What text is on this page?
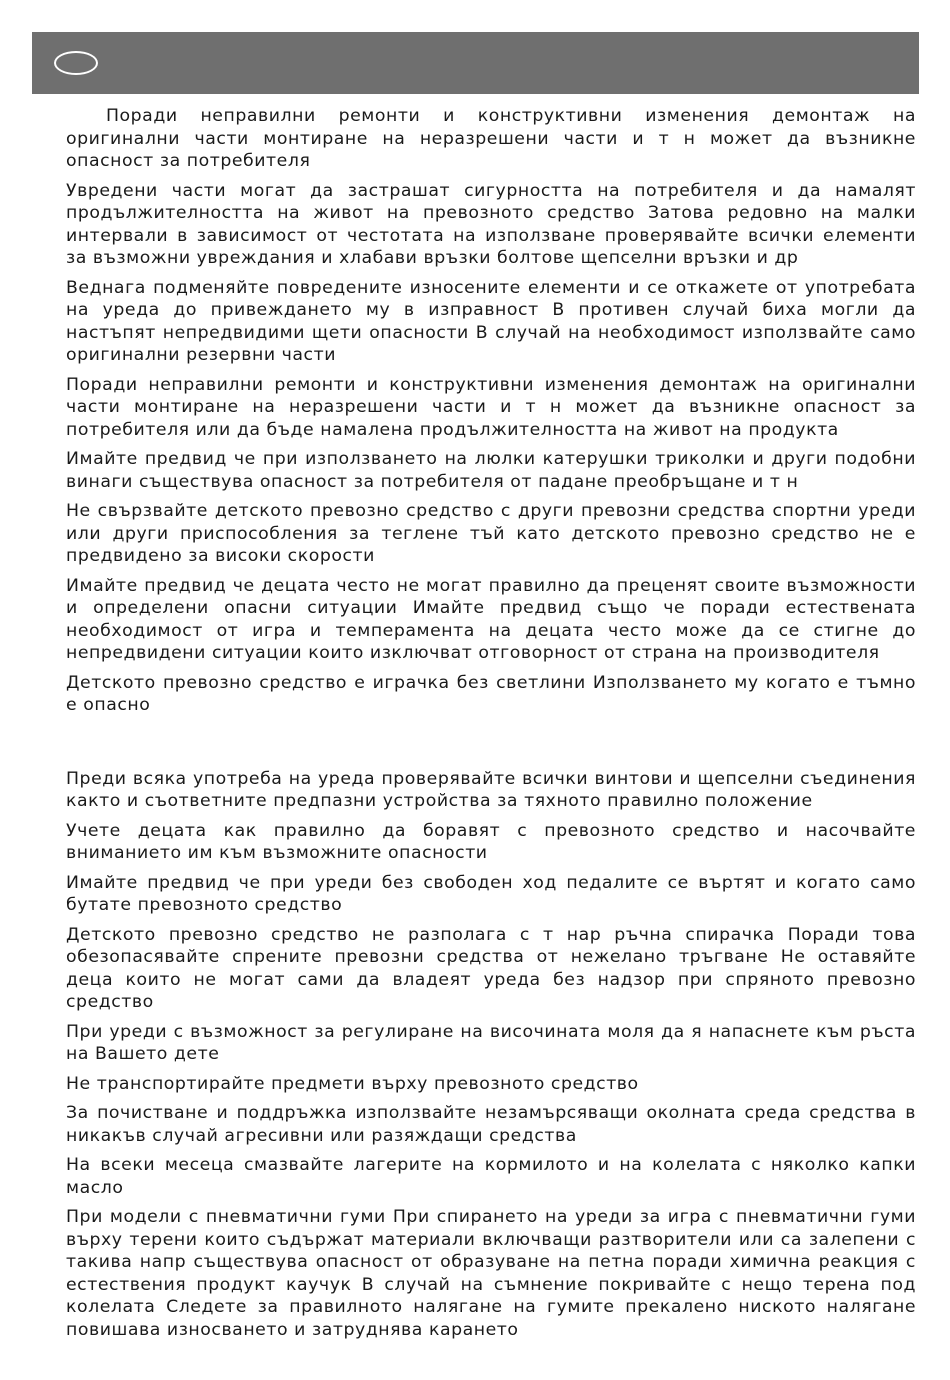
Поради неправилни ремонти и конструктивни изменения демонтаж на оригинални части монтиране на неразрешени части и т н может да възникне опасност за потребителя

Увредени части могат да застрашат сигурността на потребителя и да намалят продължителността на живот на превозното средство Затова редовно на малки интервали в зависимост от честотата на използване проверявайте всички елементи за възможни увреждания и хлабави връзки болтове щепселни връзки и др

Веднага подменяйте повредените износените елементи и се откажете от употребата на уреда до привеждането му в изправност В противен случай биха могли да настъпят непредвидими щети опасности В случай на необходимост използвайте само оригинални резервни части

Поради неправилни ремонти и конструктивни изменения демонтаж на оригинални части монтиране на неразрешени части и т н может да възникне опасност за потребителя или да бъде намалена продължителността на живот на продукта

Имайте предвид че при използването на люлки катерушки триколки и други подобни винаги съществува опасност за потребителя от падане преобръщане и т н

Не свързвайте детското превозно средство с други превозни средства спортни уреди или други приспособления за теглене тъй като детското превозно средство не е предвидено за високи скорости

Имайте предвид че децата често не могат правилно да преценят своите възможности и определени опасни ситуации Имайте предвид също че поради естествената необходимост от игра и темперамента на децата често може да се стигне до непредвидени ситуации които изключват отговорност от страна на производителя

Детското превозно средство е играчка без светлини Използването му когато е тъмно е опасно

Преди всяка употреба на уреда проверявайте всички винтови и щепселни съединения както и съответните предпазни устройства за тяхното правилно положение

Учете децата как правилно да боравят с превозното средство и насочвайте вниманието им към възможните опасности

Имайте предвид че при уреди без свободен ход педалите се въртят и когато само бутате превозното средство

Детското превозно средство не разполага с т нар ръчна спирачка Поради това обезопасявайте спрените превозни средства от нежелано тръгване Не оставяйте деца които не могат сами да владеят уреда без надзор при спряното превозно средство

При уреди с възможност за регулиране на височината моля да я напаснете към ръста на Вашето дете

Не транспортирайте предмети върху превозното средство

За почистване и поддръжка използвайте незамърсяващи околната среда средства в никакъв случай агресивни или разяждащи средства

На всеки месеца смазвайте лагерите на кормилото и на колелата с няколко капки масло

При модели с пневматични гуми При спирането на уреди за игра с пневматични гуми върху терени които съдържат материали включващи разтворители или са залепени с такива напр съществува опасност от образуване на петна поради химична реакция с естествения продукт каучук В случай на съмнение покривайте с нещо терена под колелата Следете за правилното налягане на гумите прекалено ниското налягане повишава износването и затруднява карането
